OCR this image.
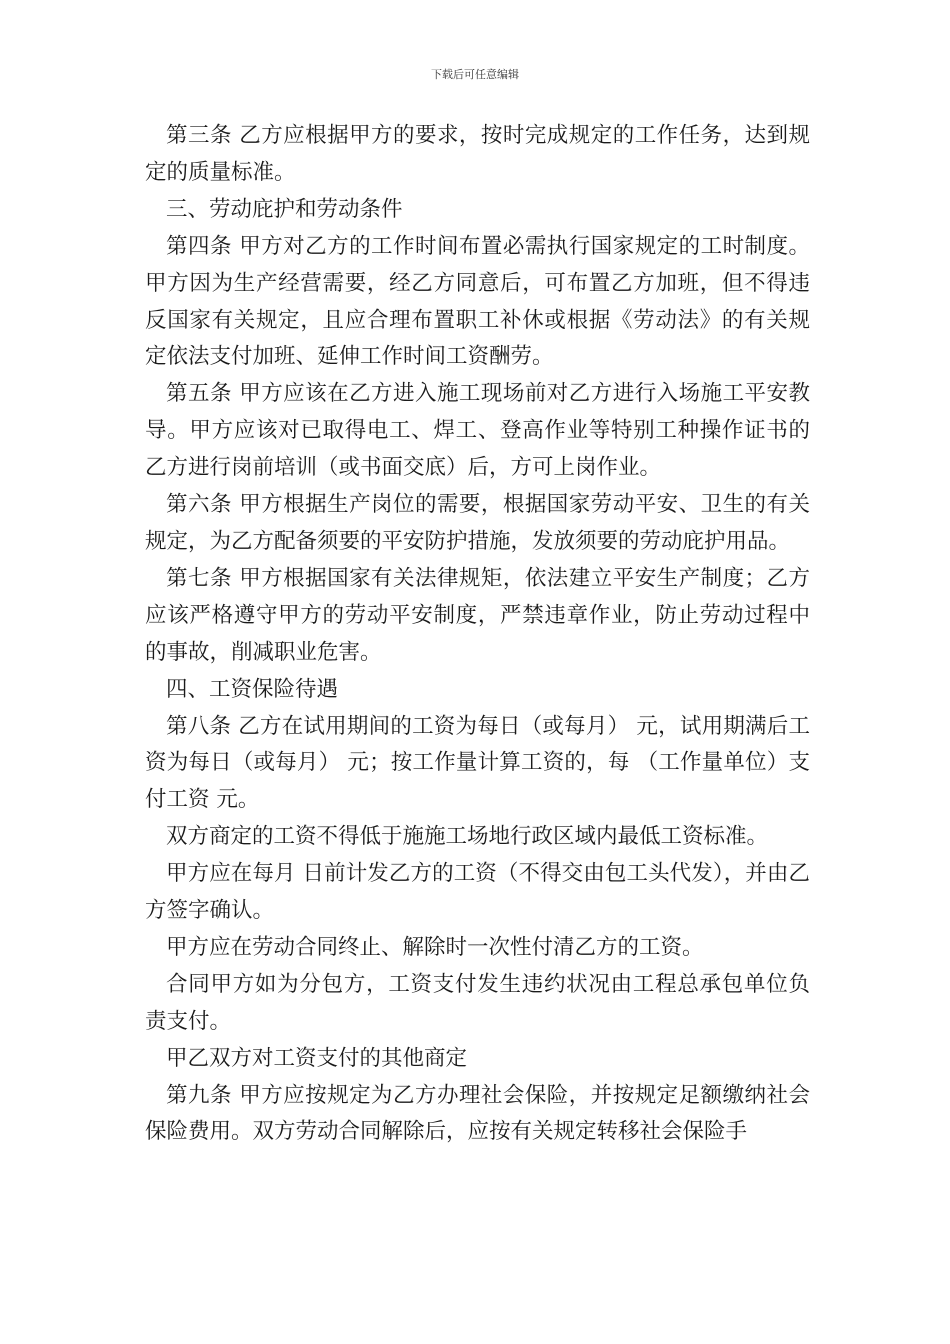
下载后可任意编辑

第三条 乙方应根据甲方的要求，按时完成规定的工作任务，达到规定的质量标准。

三、劳动庇护和劳动条件

第四条 甲方对乙方的工作时间布置必需执行国家规定的工时制度。甲方因为生产经营需要，经乙方同意后，可布置乙方加班，但不得违反国家有关规定，且应合理布置职工补休或根据《劳动法》的有关规定依法支付加班、延伸工作时间工资酬劳。

第五条 甲方应该在乙方进入施工现场前对乙方进行入场施工平安教导。甲方应该对已取得电工、焊工、登高作业等特别工种操作证书的乙方进行岗前培训（或书面交底）后，方可上岗作业。

第六条 甲方根据生产岗位的需要，根据国家劳动平安、卫生的有关规定，为乙方配备须要的平安防护措施，发放须要的劳动庇护用品。

第七条 甲方根据国家有关法律规矩，依法建立平安生产制度；乙方应该严格遵守甲方的劳动平安制度，严禁违章作业，防止劳动过程中的事故，削减职业危害。

四、工资保险待遇

第八条 乙方在试用期间的工资为每日（或每月） 元，试用期满后工资为每日（或每月） 元；按工作量计算工资的，每 （工作量单位）支付工资 元。

双方商定的工资不得低于施施工场地行政区域内最低工资标准。

甲方应在每月 日前计发乙方的工资（不得交由包工头代发），并由乙方签字确认。

甲方应在劳动合同终止、解除时一次性付清乙方的工资。

合同甲方如为分包方，工资支付发生违约状况由工程总承包单位负责支付。

甲乙双方对工资支付的其他商定

第九条 甲方应按规定为乙方办理社会保险，并按规定足额缴纳社会保险费用。双方劳动合同解除后，应按有关规定转移社会保险手
